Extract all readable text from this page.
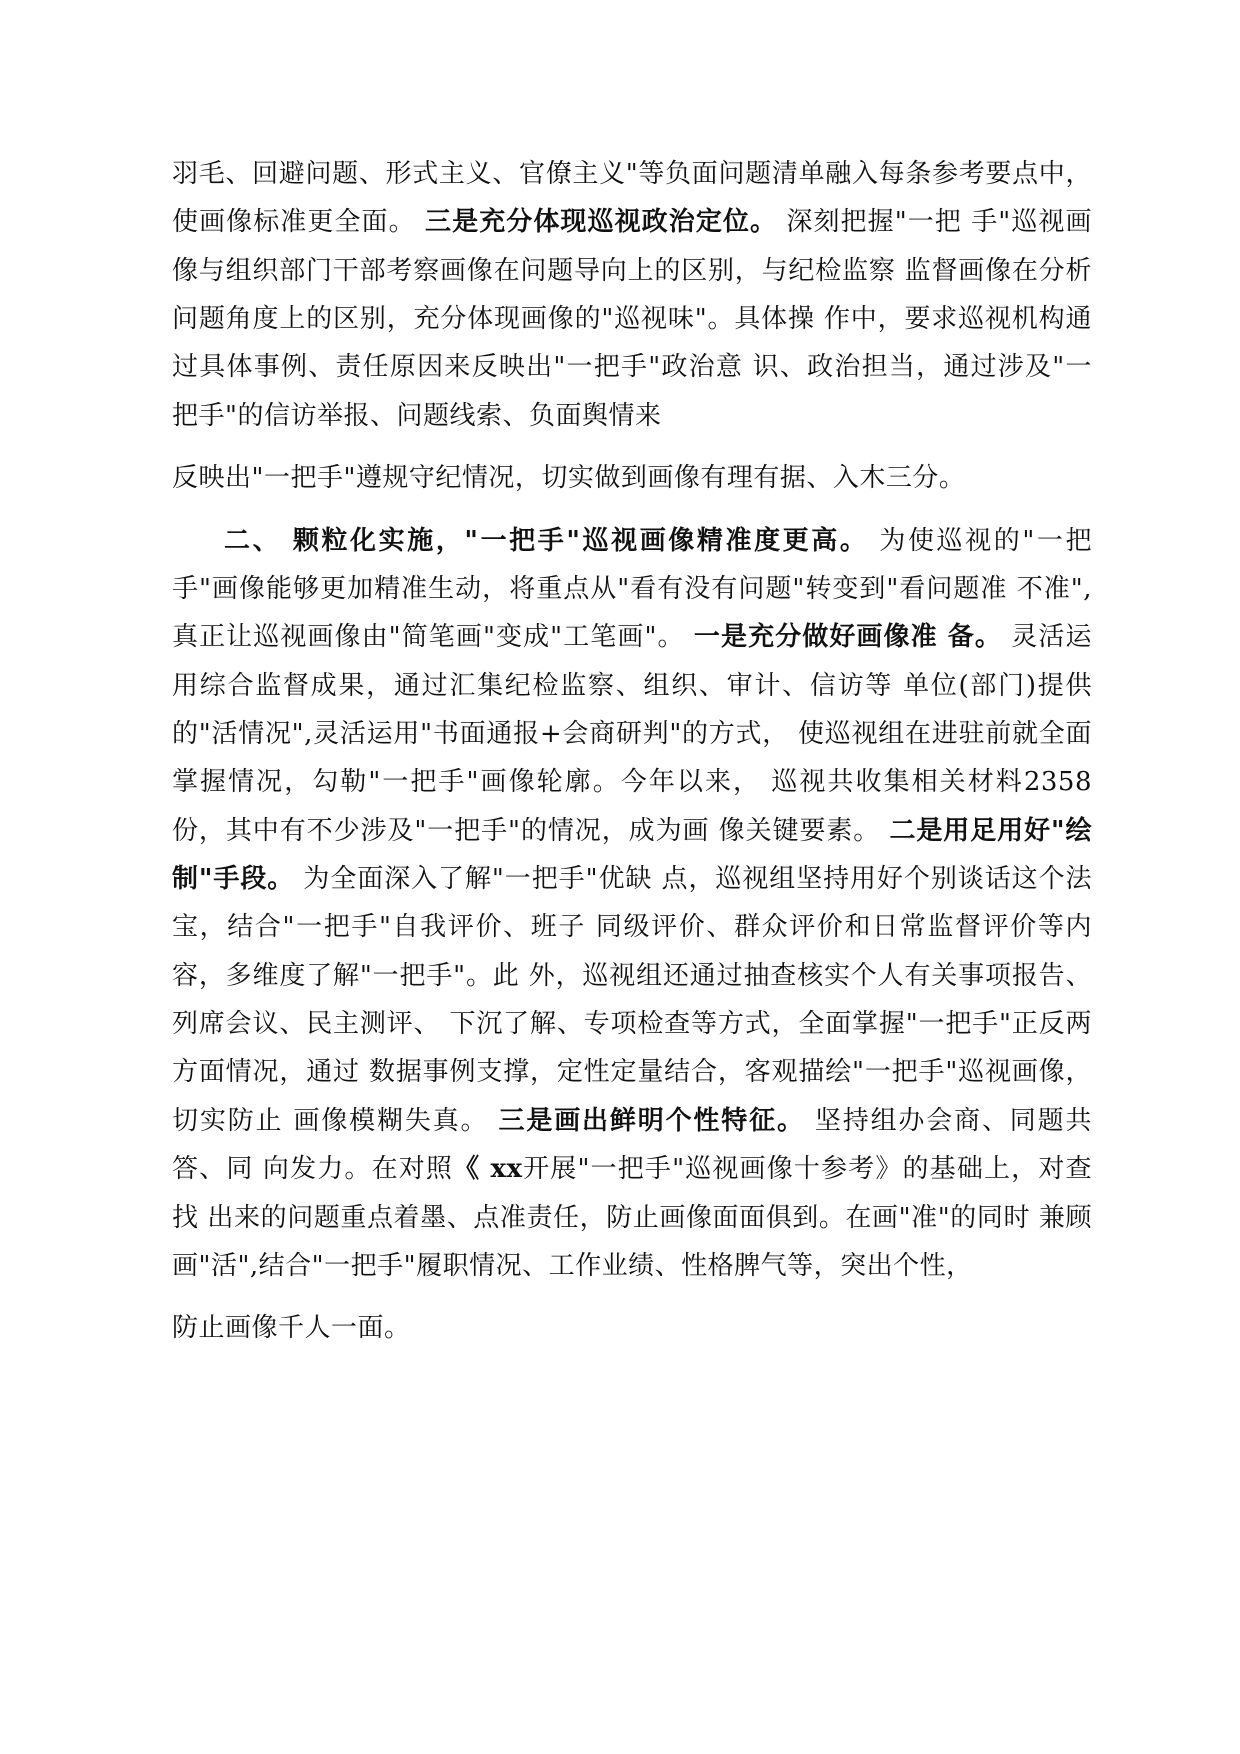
羽毛、回避问题、形式主义、官僚主义"等负面问题清单融入每条参考要点中，使画像标准更全面。 三是充分体现巡视政治定位。 深刻把握"一把 手"巡视画像与组织部门干部考察画像在问题导向上的区别，与纪检监察 监督画像在分析问题角度上的区别，充分体现画像的"巡视味"。具体操 作中，要求巡视机构通过具体事例、责任原因来反映出"一把手"政治意 识、政治担当，通过涉及"一把手"的信访举报、问题线索、负面舆情来

反映出"一把手"遵规守纪情况，切实做到画像有理有据、入木三分。

二、 颗粒化实施，"一把手"巡视画像精准度更高。 为使巡视的"一把 手"画像能够更加精准生动，将重点从"看有没有问题"转变到"看问题准 不准",真正让巡视画像由"简笔画"变成"工笔画"。 一是充分做好画像准 备。 灵活运用综合监督成果，通过汇集纪检监察、组织、审计、信访等 单位(部门)提供的"活情况",灵活运用"书面通报+会商研判"的方式， 使巡视组在进驻前就全面掌握情况，勾勒"一把手"画像轮廓。今年以来， 巡视共收集相关材料2358份，其中有不少涉及"一把手"的情况，成为画 像关键要素。 二是用足用好"绘制"手段。 为全面深入了解"一把手"优缺 点，巡视组坚持用好个别谈话这个法宝，结合"一把手"自我评价、班子 同级评价、群众评价和日常监督评价等内容，多维度了解"一把手"。此 外，巡视组还通过抽查核实个人有关事项报告、列席会议、民主测评、 下沉了解、专项检查等方式，全面掌握"一把手"正反两方面情况，通过 数据事例支撑，定性定量结合，客观描绘"一把手"巡视画像，切实防止 画像模糊失真。 三是画出鲜明个性特征。 坚持组办会商、同题共答、同 向发力。在对照《 xx开展"一把手"巡视画像十参考》的基础上，对查找 出来的问题重点着墨、点准责任，防止画像面面俱到。在画"准"的同时 兼顾画"活",结合"一把手"履职情况、工作业绩、性格脾气等，突出个性，

防止画像千人一面。
